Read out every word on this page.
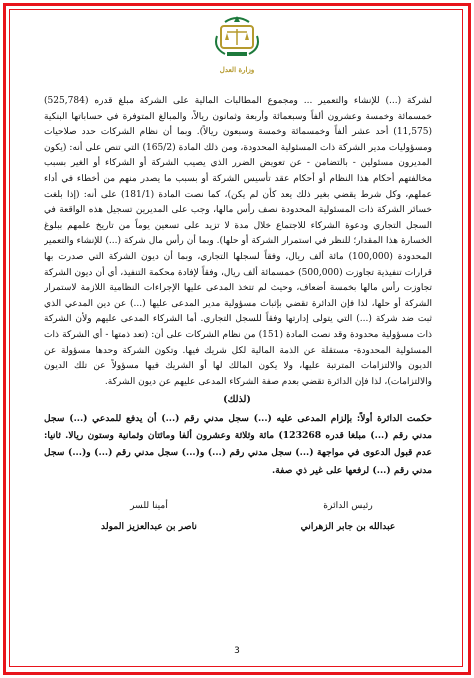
وزارة العدل

لشركة (...) للإنشاء والتعمير ... ومجموع المطالبات المالية على الشركة مبلغ قدره (525,784) خمسمائة وخمسة وعشرون ألفاً وسبعمائة وأربعة وثمانون ريالاً، والمبالغ المتوفرة في حساباتها البنكية (11,575) أحد عشر ألفاً وخمسمائة وخمسة وسبعون ريالاً). وبما أن نظام الشركات حدد صلاحيات ومسؤوليات مدير الشركة ذات المسئولية المحدودة، ومن ذلك المادة (165/2) التي تنص على أنه: (يكون المديرون مسئولين - بالتضامن - عن تعويض الضرر الذي يصيب الشركة أو الشركاء أو الغير بسبب مخالفتهم أحكام هذا النظام أو أحكام عقد تأسيس الشركة أو بسبب ما يصدر منهم من أخطاء في أداء عملهم، وكل شرط يقضي بغير ذلك يعد كأن لم يكن)، كما نصت المادة (181/1) على أنه: (إذا بلغت خسائر الشركة ذات المسئولية المحدودة نصف رأس مالها، وجب على المديرين تسجيل هذه الواقعة في السجل التجاري ودعوة الشركاء للاجتماع خلال مدة لا تزيد على تسعين يوماً من تاريخ علمهم ببلوغ الخسارة هذا المقدار؛ للنظر في استمرار الشركة أو حلها). وبما أن رأس مال شركة (...) للإنشاء والتعمير المحدودة (100,000) مائة ألف ريال، وفقاً لسجلها التجاري، وبما أن ديون الشركة التي صدرت بها قرارات تنفيذية تجاوزت (500,000) خمسمائة ألف ريال، وفقاً لإفادة محكمة التنفيذ، أي أن ديون الشركة تجاوزت رأس مالها بخمسة أضعاف، وحيث لم تتخذ المدعى عليها الإجراءات النظامية اللازمة لاستمرار الشركة أو حلها، لذا فإن الدائرة تقضي بإثبات مسؤولية مدير المدعى عليها (...) عن دين المدعي الذي ثبت ضد شركة (...) التي يتولى إدارتها وفقاً للسجل التجاري. أما الشركاء المدعى عليهم ولأن الشركة ذات مسؤولية محدودة وقد نصت المادة (151) من نظام الشركات على أن: (تعد ذمتها - أي الشركة ذات المسئولية المحدودة- مستقلة عن الذمة المالية لكل شريك فيها. وتكون الشركة وحدها مسؤولة عن الديون والالتزامات المترتبة عليها، ولا يكون المالك لها أو الشريك فيها مسؤولاً عن تلك الديون والالتزامات)، لذا فإن الدائرة تقضي بعدم صفة الشركاء المدعى عليهم عن ديون الشركة.

(لذلك)

حكمت الدائرة أولاً: بإلزام المدعى عليه (...) سجل مدني رقم (...) أن يدفع للمدعي (...) سجل مدني رقم (...) مبلغا قدره 123268) مائة وثلاثة وعشرون ألفا ومائتان وثمانية وستون ريالا. ثانيا: عدم قبول الدعوى في مواجهة (...) سجل مدني رقم (...) و(...) سجل مدني رقم (...) و(...) سجل مدني رقم (...) لرفعها على غير ذي صفة.

رئيس الدائرة
عبدالله بن جابر الزهراني
أمينا للسر
ناصر بن عبدالعزيز المولد
3
